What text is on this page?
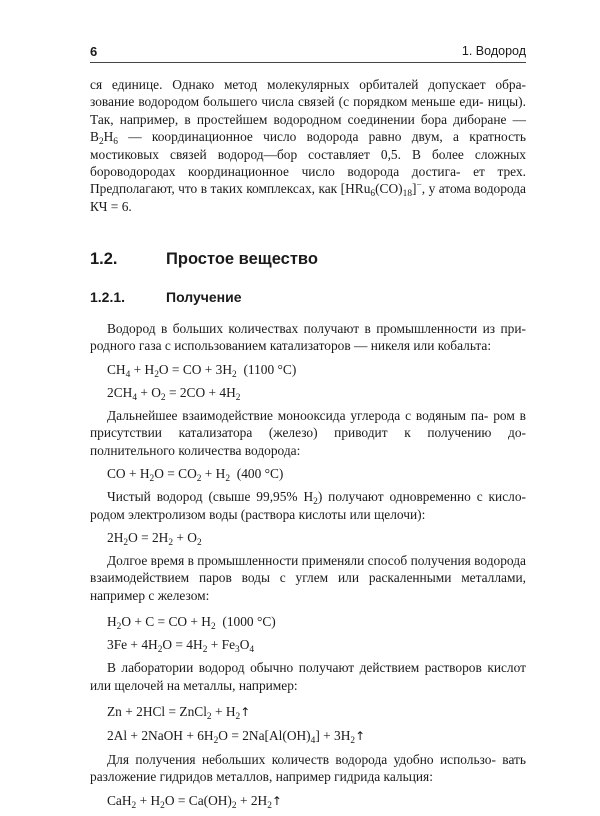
6	1. Водород

ся единице. Однако метод молекулярных орбиталей допускает обра- зование водородом большего числа связей (с порядком меньше еди- ницы). Так, например, в простейшем водородном соединении бора диборане — $B_2H_6$ — координационное число водорода равно двум, а кратность мостиковых связей водород—бор составляет 0,5. В более сложных бороводородах координационное число водорода достига- ет трех. Предполагают, что в таких комплексах, как $[HRu_6(CO)_{18}]^-$, у атома водорода КЧ = 6.

1.2.	Простое вещество
1.2.1.	Получение

Водород в больших количествах получают в промышленности из при- родного газа с использованием катализаторов — никеля или кобальта:

$CH_4 + H_2O$ = CO + $3H_2$ (1100 °C)
$2CH_4 + O_2 = 2CO + 4H_2$

Дальнейшее взаимодействие монооксида углерода с водяным па- ром в присутствии катализатора (железо) приводит к получению до- полнительного количества водорода:

CO + $H_2O = CO_2 + H_2$ (400 °C)

Чистый водород (свыше 99,95% $H_2$) получают одновременно с кисло- родом электролизом воды (раствора кислоты или щелочи):

$2H_2O = 2H_2 + O_2$

Долгое время в промышленности применяли способ получения водорода взаимодействием паров воды с углем или раскаленными металлами, например с железом:

$H_2O + C$ = CO + $H_2$ (1000 °C)
$3Fe + 4H_2O = 4H_2 + Fe_3O_4$

В лаборатории водород обычно получают действием растворов кислот или щелочей на металлы, например:

Zn + 2HCl = ZnCl$_2$ + $H_2↑$
2Al + 2NaOH + $6H_2O = 2Na[Al(OH)_4]$ + $3H_2↑$

Для получения небольших количеств водорода удобно использо- вать разложение гидридов металлов, например гидрида кальция:

$CaH_2 + H_2O = Ca(OH)_2$ + $2H_2↑$
